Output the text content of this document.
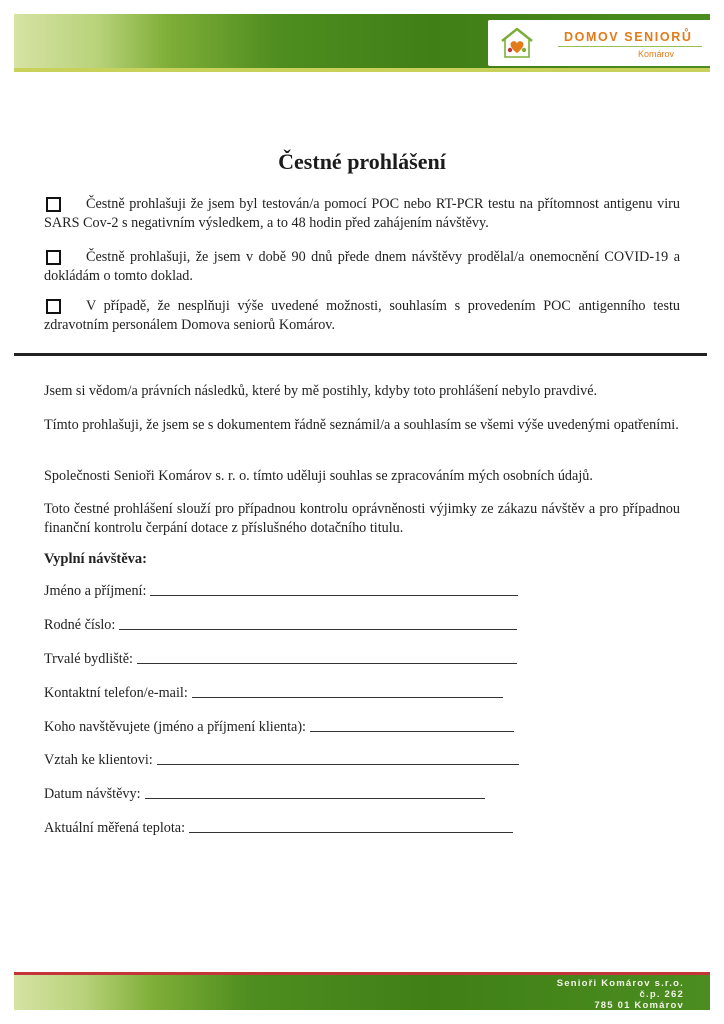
DOMOV SENIORŮ
Komárov
Čestné prohlášení
Čestně prohlašuji že jsem byl testován/a pomocí POC nebo RT-PCR testu na přítomnost antigenu viru SARS Cov-2 s negativním výsledkem, a to 48 hodin před zahájením návštěvy.
Čestně prohlašuji, že jsem v době 90 dnů přede dnem návštěvy prodělal/a onemocnění COVID-19 a dokládám o tomto doklad.
V případě, že nesplňuji výše uvedené možnosti, souhlasím s provedením POC antigenního testu zdravotním personálem Domova seniorů Komárov.
Jsem si vědom/a právních následků, které by mě postihly, kdyby toto prohlášení nebylo pravdivé.
Tímto prohlašuji, že jsem se s dokumentem řádně seznámil/a a souhlasím se všemi výše uvedenými opatřeními.
Společnosti Senioři Komárov s. r. o. tímto uděluji souhlas se zpracováním mých osobních údajů.
Toto čestné prohlášení slouží pro případnou kontrolu oprávněnosti výjimky ze zákazu návštěv a pro případnou finanční kontrolu čerpání dotace z příslušného dotačního titulu.
Vyplní návštěva:
Jméno a příjmení:
Rodné číslo:
Trvalé bydliště:
Kontaktní telefon/e-mail:
Koho navštěvujete (jméno a příjmení klienta):
Vztah ke klientovi:
Datum návštěvy:
Aktuální měřená teplota:
Senioři Komárov s.r.o.
č.p. 262
785 01 Komárov
